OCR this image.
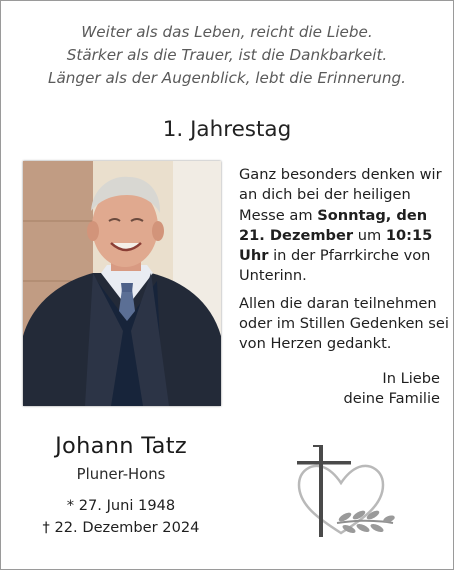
Weiter als das Leben, reicht die Liebe.
Stärker als die Trauer, ist die Dankbarkeit.
Länger als der Augenblick, lebt die Erinnerung.
1. Jahrestag

Ganz besonders denken wir an dich bei der heiligen Messe am Sonntag, den 21. Dezember um 10:15 Uhr in der Pfarrkirche von Unterinn.

Allen die daran teilnehmen oder im Stillen Gedenken sei von Herzen gedankt.

In Liebe
deine Familie
Johann Tatz
Pluner-Hons
* 27. Juni 1948
† 22. Dezember 2024
